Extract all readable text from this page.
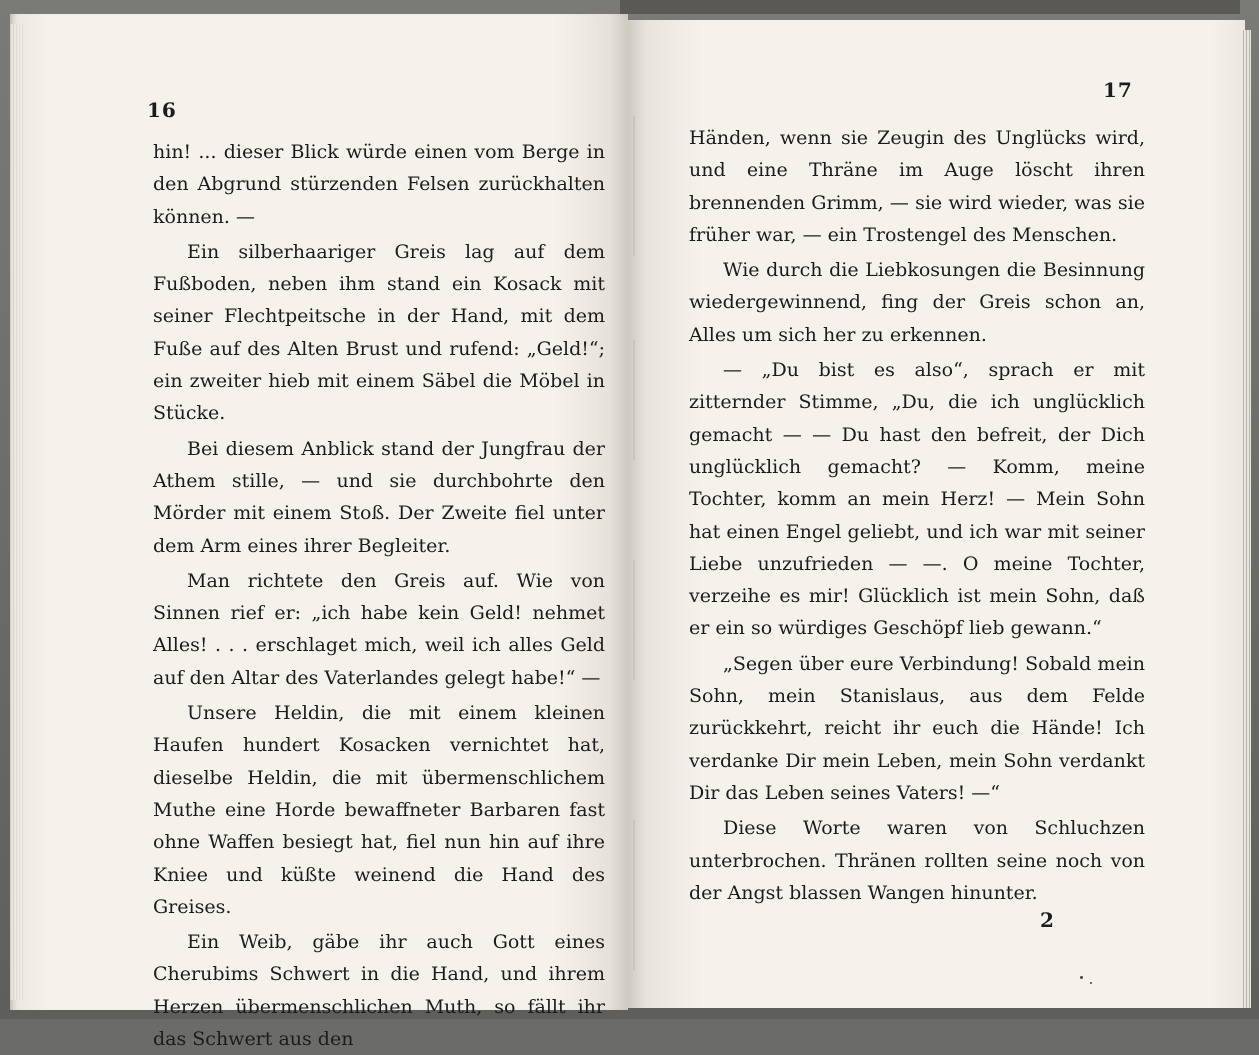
16

hin! ... dieser Blick würde einen vom Berge in den Abgrund stürzenden Felsen zurückhalten können. —

Ein silberhaariger Greis lag auf dem Fußboden, neben ihm stand ein Kosack mit seiner Flechtpeitsche in der Hand, mit dem Fuße auf des Alten Brust und rufend: „Geld!“; ein zweiter hieb mit einem Säbel die Möbel in Stücke.

Bei diesem Anblick stand der Jungfrau der Athem stille, — und sie durchbohrte den Mörder mit einem Stoß. Der Zweite fiel unter dem Arm eines ihrer Begleiter.

Man richtete den Greis auf. Wie von Sinnen rief er: „ich habe kein Geld! nehmet Alles! . . . erschlaget mich, weil ich alles Geld auf den Altar des Vaterlandes gelegt habe!“ —

Unsere Heldin, die mit einem kleinen Haufen hundert Kosacken vernichtet hat, dieselbe Heldin, die mit übermenschlichem Muthe eine Horde bewaffneter Barbaren fast ohne Waffen besiegt hat, fiel nun hin auf ihre Kniee und küßte weinend die Hand des Greises.

Ein Weib, gäbe ihr auch Gott eines Cherubims Schwert in die Hand, und ihrem Herzen übermenschlichen Muth, so fällt ihr das Schwert aus den

17

Händen, wenn sie Zeugin des Unglücks wird, und eine Thräne im Auge löscht ihren brennenden Grimm, — sie wird wieder, was sie früher war, — ein Trostengel des Menschen.

Wie durch die Liebkosungen die Besinnung wiedergewinnend, fing der Greis schon an, Alles um sich her zu erkennen.

— „Du bist es also“, sprach er mit zitternder Stimme, „Du, die ich unglücklich gemacht — — Du hast den befreit, der Dich unglücklich gemacht? — Komm, meine Tochter, komm an mein Herz! — Mein Sohn hat einen Engel geliebt, und ich war mit seiner Liebe unzufrieden — —. O meine Tochter, verzeihe es mir! Glücklich ist mein Sohn, daß er ein so würdiges Geschöpf lieb gewann.“

„Segen über eure Verbindung! Sobald mein Sohn, mein Stanislaus, aus dem Felde zurückkehrt, reicht ihr euch die Hände! Ich verdanke Dir mein Leben, mein Sohn verdankt Dir das Leben seines Vaters! —“

Diese Worte waren von Schluchzen unterbrochen. Thränen rollten seine noch von der Angst blassen Wangen hinunter.

2
